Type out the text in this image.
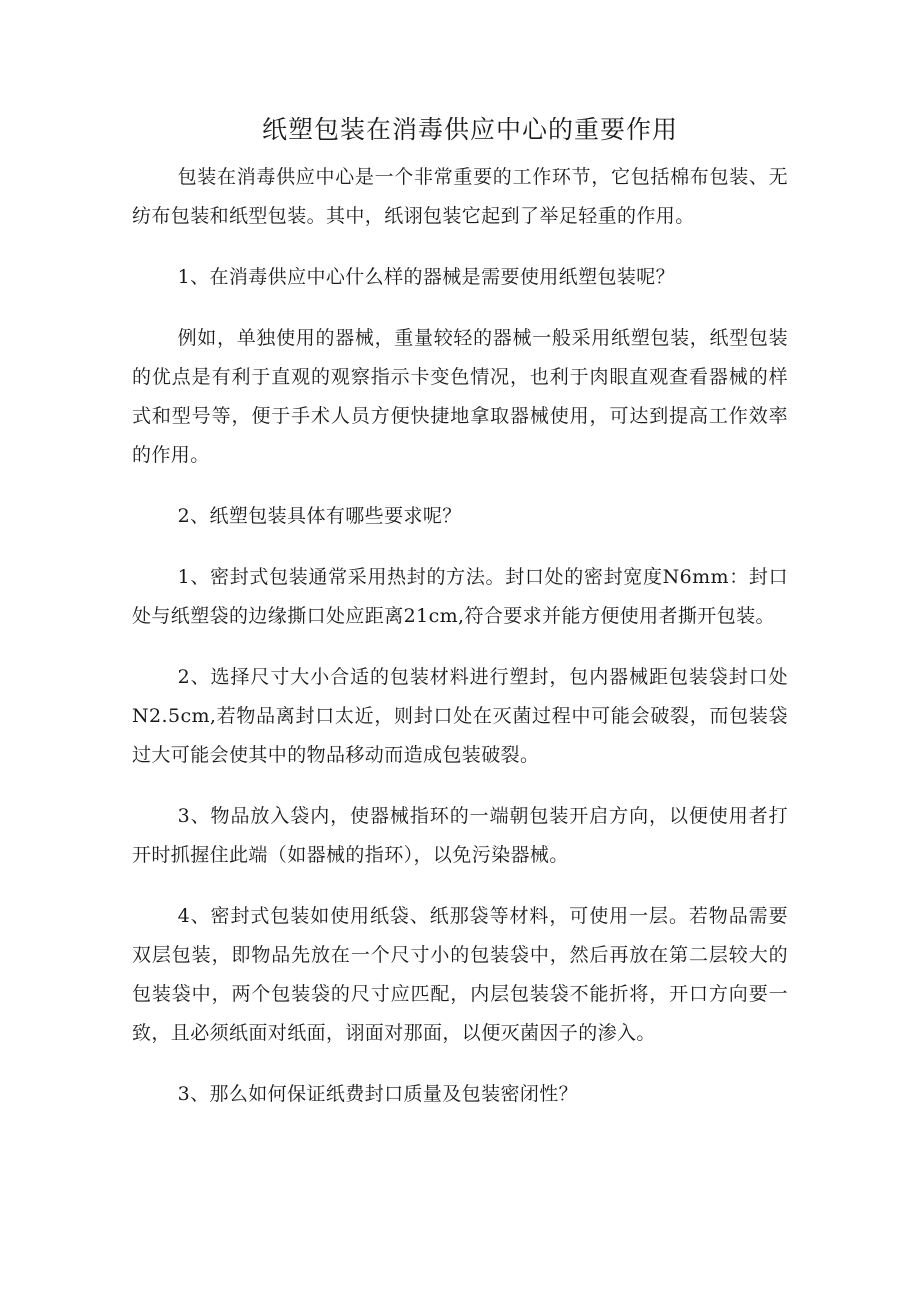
纸塑包装在消毒供应中心的重要作用

包装在消毒供应中心是一个非常重要的工作环节，它包括棉布包装、无纺布包装和纸型包装。其中，纸诩包装它起到了举足轻重的作用。

1、在消毒供应中心什么样的器械是需要使用纸塑包装呢？

例如，单独使用的器械，重量较轻的器械一般采用纸塑包装，纸型包装的优点是有利于直观的观察指示卡变色情况，也利于肉眼直观查看器械的样式和型号等，便于手术人员方便快捷地拿取器械使用，可达到提高工作效率的作用。

2、纸塑包装具体有哪些要求呢？

1、密封式包装通常采用热封的方法。封口处的密封宽度N6mm：封口处与纸塑袋的边缘撕口处应距离21cm,符合要求并能方便使用者撕开包装。

2、选择尺寸大小合适的包装材料进行塑封，包内器械距包装袋封口处N2.5cm,若物品离封口太近，则封口处在灭菌过程中可能会破裂，而包装袋过大可能会使其中的物品移动而造成包装破裂。

3、物品放入袋内，使器械指环的一端朝包装开启方向，以便使用者打开时抓握住此端（如器械的指环），以免污染器械。

4、密封式包装如使用纸袋、纸那袋等材料，可使用一层。若物品需要双层包装，即物品先放在一个尺寸小的包装袋中，然后再放在第二层较大的包装袋中，两个包装袋的尺寸应匹配，内层包装袋不能折将，开口方向要一致，且必须纸面对纸面，诩面对那面，以便灭菌因子的渗入。

3、那么如何保证纸费封口质量及包装密闭性？
